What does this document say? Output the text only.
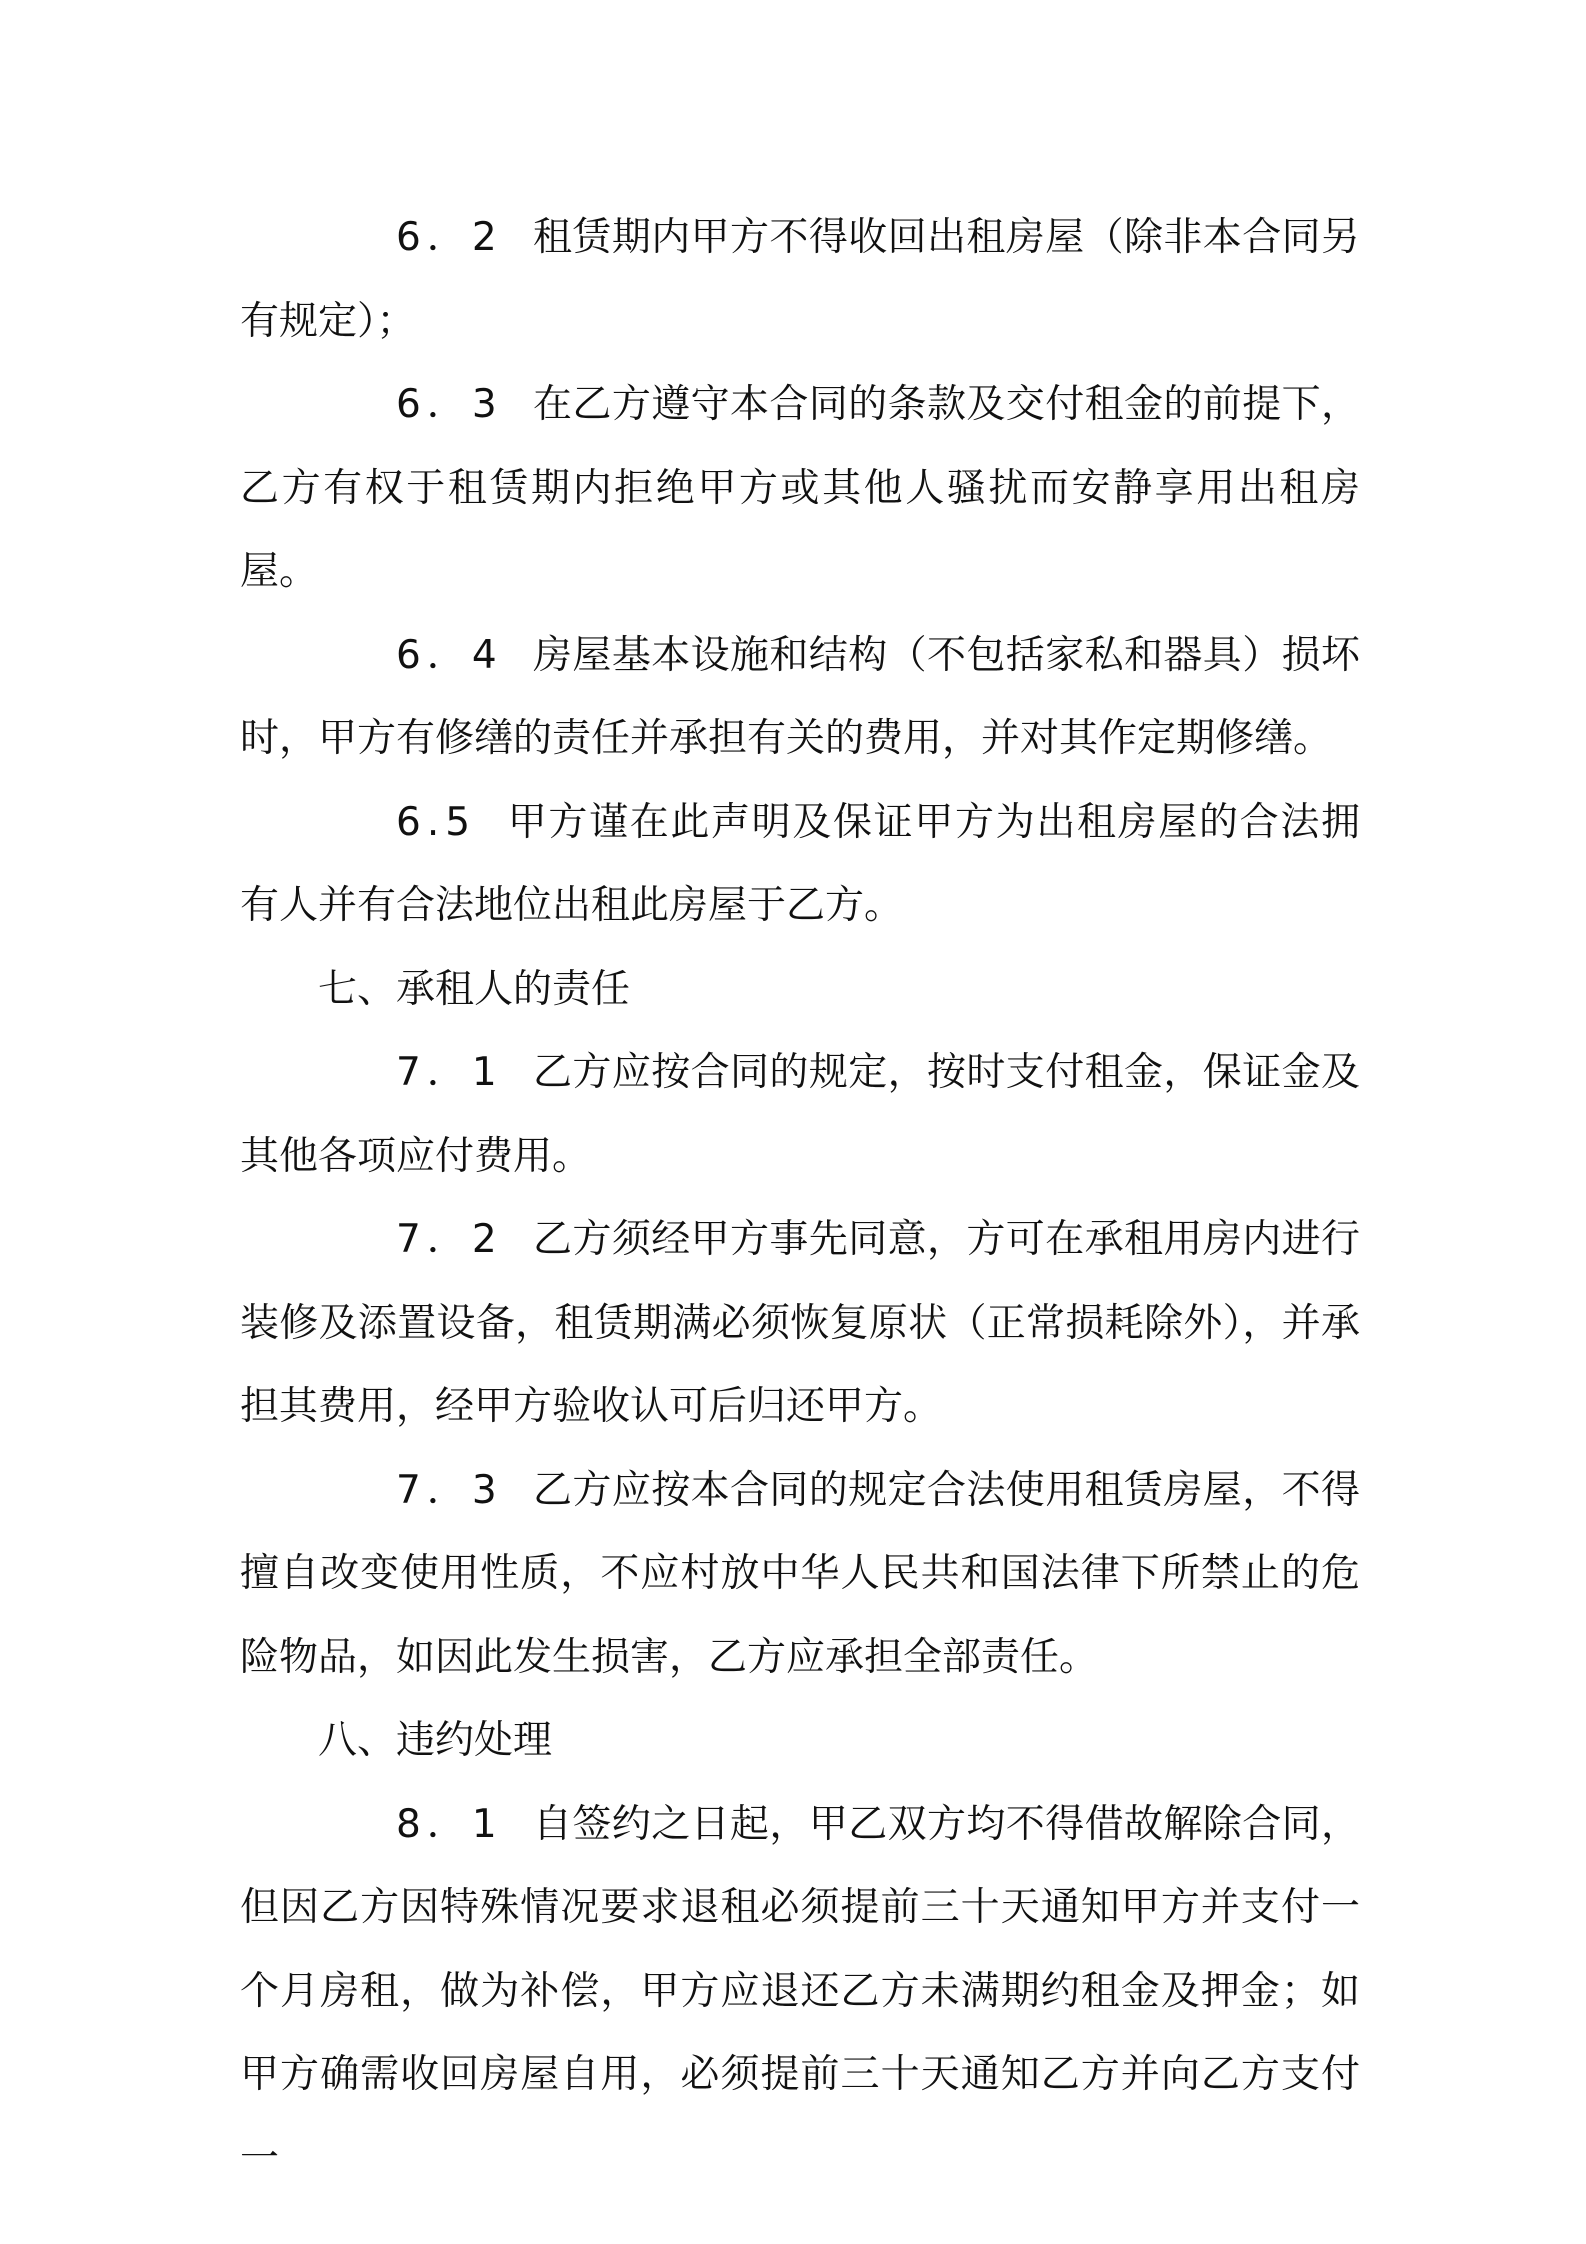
6．2 租赁期内甲方不得收回出租房屋（除非本合同另有规定）；

6．3 在乙方遵守本合同的条款及交付租金的前提下，乙方有权于租赁期内拒绝甲方或其他人骚扰而安静享用出租房屋。

6．4 房屋基本设施和结构（不包括家私和器具）损坏时，甲方有修缮的责任并承担有关的费用，并对其作定期修缮。

6.5 甲方谨在此声明及保证甲方为出租房屋的合法拥有人并有合法地位出租此房屋于乙方。

七、承租人的责任

7．1 乙方应按合同的规定，按时支付租金，保证金及其他各项应付费用。

7．2 乙方须经甲方事先同意，方可在承租用房内进行装修及添置设备，租赁期满必须恢复原状（正常损耗除外），并承担其费用，经甲方验收认可后归还甲方。

7．3 乙方应按本合同的规定合法使用租赁房屋，不得擅自改变使用性质，不应村放中华人民共和国法律下所禁止的危险物品，如因此发生损害，乙方应承担全部责任。

八、违约处理

8．1 自签约之日起，甲乙双方均不得借故解除合同，但因乙方因特殊情况要求退租必须提前三十天通知甲方并支付一个月房租，做为补偿，甲方应退还乙方未满期约租金及押金；如甲方确需收回房屋自用，必须提前三十天通知乙方并向乙方支付一
